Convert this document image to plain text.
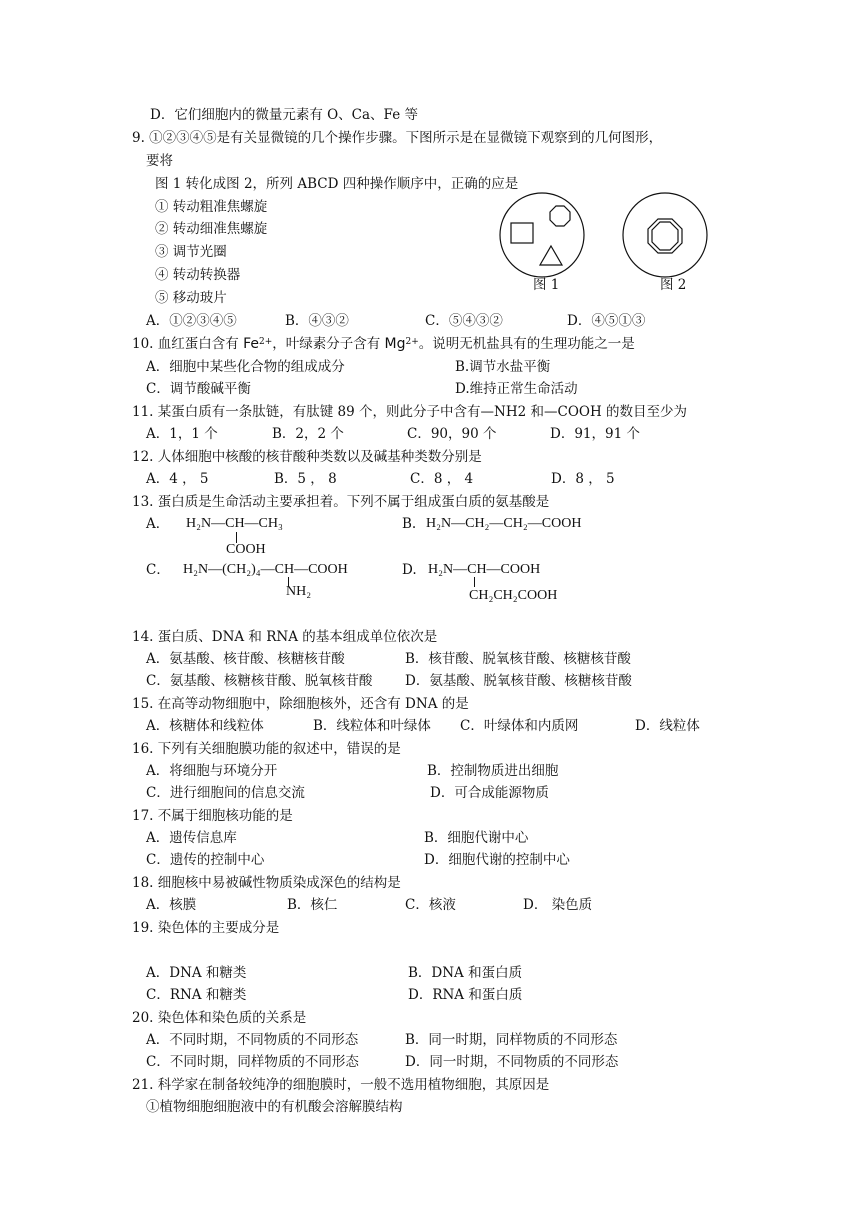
D．它们细胞内的微量元素有 O、Ca、Fe 等
9. ①②③④⑤是有关显微镜的几个操作步骤。下图所示是在显微镜下观察到的几何图形，
要将
图 1 转化成图 2，所列 ABCD 四种操作顺序中，正确的应是
① 转动粗准焦螺旋
② 转动细准焦螺旋
③ 调节光圈
④ 转动转换器
⑤ 移动玻片
图 1	图 2
A．①②③④⑤	B．④③②	C．⑤④③②	D．④⑤①③
10. 血红蛋白含有 $Fe^{2+}$，叶绿素分子含有 $Mg^{2+}$。说明无机盐具有的生理功能之一是
A．细胞中某些化合物的组成成分	B.调节水盐平衡
C．调节酸碱平衡	D.维持正常生命活动
11. 某蛋白质有一条肽链，有肽键 89 个，则此分子中含有—NH2 和—COOH 的数目至少为
A．1，1 个	B．2，2 个	C．90，90 个	D．91，91 个
12. 人体细胞中核酸的核苷酸种类数以及碱基种类数分别是
A．4 ， 5	B．5 ， 8	C．8 ， 4	D．8 ， 5
13. 蛋白质是生命活动主要承担着。下列不属于组成蛋白质的氨基酸是
A． H₂N—CH—CH₃
COOH
B. H₂N—CH₂—CH₂—COOH
C． H₂N—(CH₂)₄—CH—COOH
NH₂
D. H₂N—CH—COOH
CH₂CH₂COOH
14. 蛋白质、DNA 和 RNA 的基本组成单位依次是
A．氨基酸、核苷酸、核糖核苷酸	B．核苷酸、脱氧核苷酸、核糖核苷酸
C．氨基酸、核糖核苷酸、脱氧核苷酸 D．氨基酸、脱氧核苷酸、核糖核苷酸
15. 在高等动物细胞中，除细胞核外，还含有 DNA 的是
A．核糖体和线粒体	B．线粒体和叶绿体 C．叶绿体和内质网	D．线粒体
16. 下列有关细胞膜功能的叙述中，错误的是
A．将细胞与环境分开	B．控制物质进出细胞
C．进行细胞间的信息交流	D．可合成能源物质
17. 不属于细胞核功能的是
A．遗传信息库	B．细胞代谢中心
C．遗传的控制中心	D．细胞代谢的控制中心
18. 细胞核中易被碱性物质染成深色的结构是
A．核膜	B．核仁	C．核液	D． 染色质
19. 染色体的主要成分是
A．DNA 和糖类	B．DNA 和蛋白质
C．RNA 和糖类	D．RNA 和蛋白质
20. 染色体和染色质的关系是
A．不同时期，不同物质的不同形态	B．同一时期，同样物质的不同形态
C．不同时期，同样物质的不同形态	D．同一时期，不同物质的不同形态
21. 科学家在制备较纯净的细胞膜时，一般不选用植物细胞，其原因是
①植物细胞细胞液中的有机酸会溶解膜结构
